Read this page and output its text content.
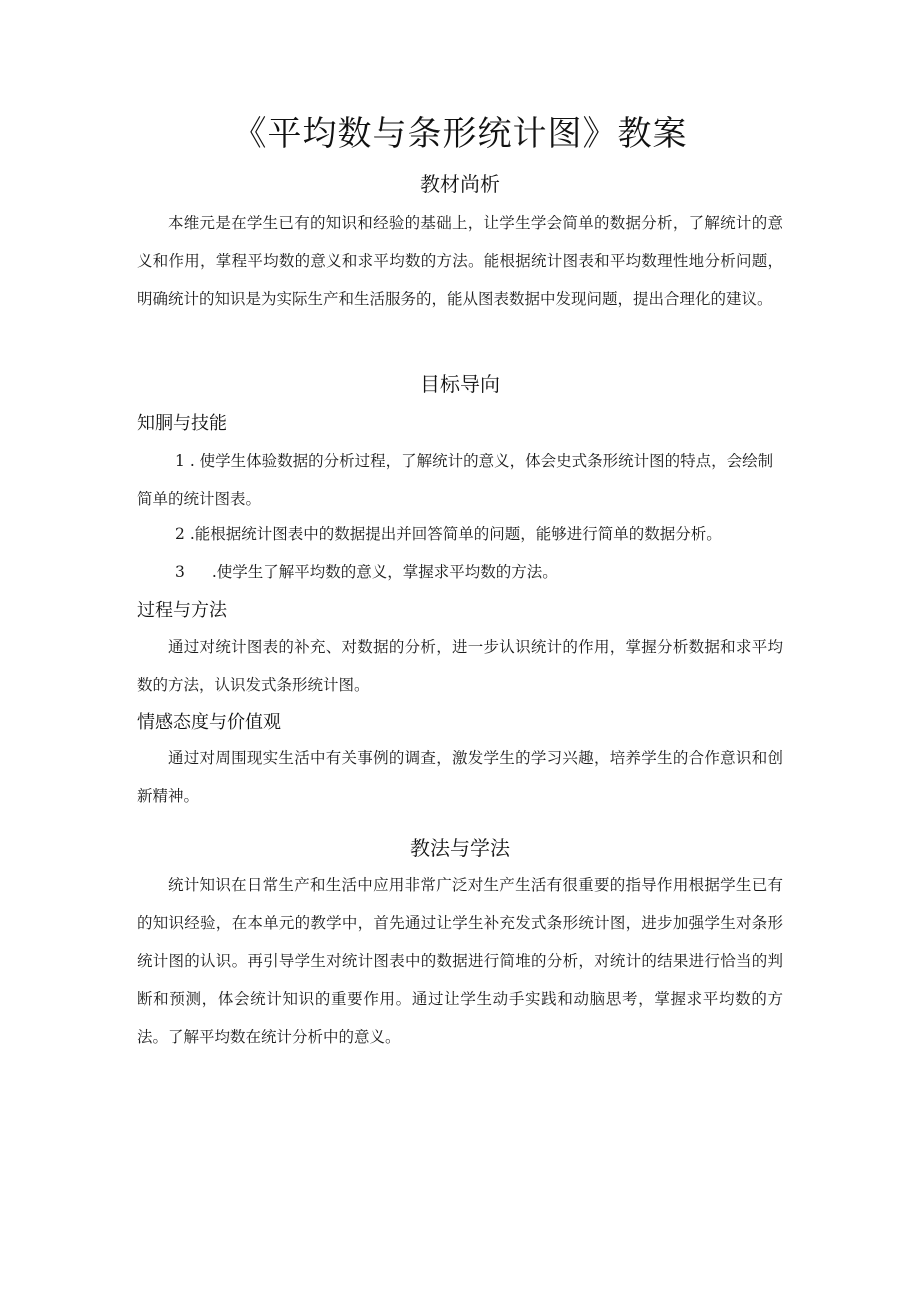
《平均数与条形统计图》教案
教材尚析
本维元是在学生已有的知识和经验的基础上，让学生学会简单的数据分析，了解统计的意义和作用，掌程平均数的意义和求平均数的方法。能根据统计图表和平均数理性地分析问题，明确统计的知识是为实际生产和生活服务的，能从图表数据中发现问题，提出合理化的建议。
目标导向
知胴与技能
1 . 使学生体验数据的分析过程，了解统计的意义，体会史式条形统计图的特点，会绘制简单的统计图表。
2 .能根据统计图表中的数据提出并回答简单的问题，能够进行简单的数据分析。
3 .使学生了解平均数的意义，掌握求平均数的方法。
过程与方法
通过对统计图表的补充、对数据的分析，进一步认识统计的作用，掌握分析数据和求平均数的方法，认识发式条形统计图。
情感态度与价值观
通过对周围现实生活中有关事例的调查，激发学生的学习兴趣，培养学生的合作意识和创新精神。
教法与学法
统计知识在日常生产和生活中应用非常广泛对生产生活有很重要的指导作用根据学生已有的知识经验，在本单元的教学中，首先通过让学生补充发式条形统计图，进步加强学生对条形统计图的认识。再引导学生对统计图表中的数据进行简堆的分析，对统计的结果进行恰当的判断和预测，体会统计知识的重要作用。通过让学生动手实践和动脑思考，掌握求平均数的方法。了解平均数在统计分析中的意义。
